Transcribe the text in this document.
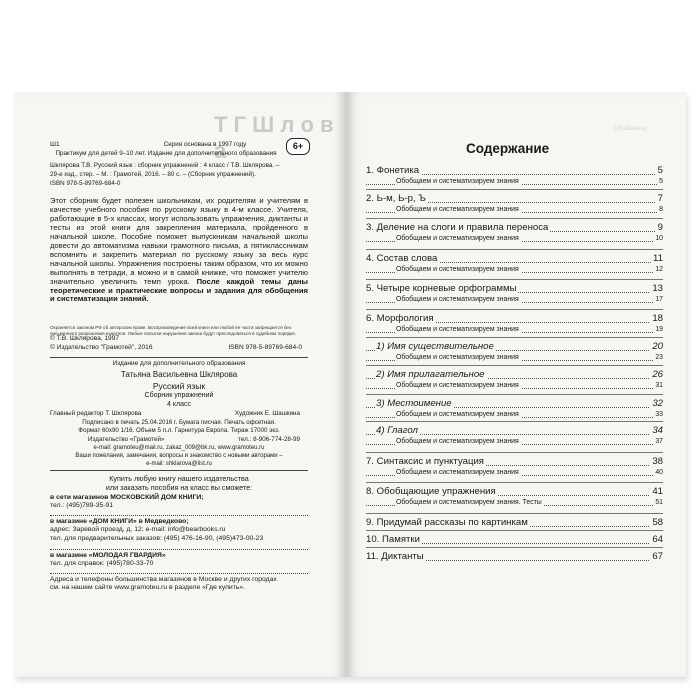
Т Г Ш л о в а
Ш1	Серия основана в 1997 году	6+
Практикум для детей 9–10 лет. Издание для дополнительного образования
Шклярова Т.В. Русский язык : сборник упражнений : 4 класс / Т.В. Шклярова. –
29-е изд., стер. – М. : Грамотей, 2016. – 80 с. – (Сборник упражнений).
ISBN 978-5-89769-684-0
Этот сборник будет полезен школьникам, их родителям и учителям в качестве учебного пособия по русскому языку в 4-м классе. Учителя, работающие в 5-х классах, могут использовать упражнения, диктанты и тесты из этой книги для закрепления материала, пройденного в начальной школе. Пособие поможет выпускникам начальной школы довести до автоматизма навыки грамотного письма, а пятиклассникам вспомнить и закрепить материал по русскому языку за весь курс начальной школы. Упражнения построены таким образом, что их можно выполнять в тетради, а можно и в самой книжке, что поможет учителю значительно увеличить темп урока. После каждой темы даны теоретические и практические вопросы и задания для обобщения и систематизации знаний.
Охраняется законом РФ об авторском праве. Воспроизведение всей книги или любой ее части запрещается без письменного разрешения издателя. Любые попытки нарушения закона будут преследоваться в судебном порядке.
© Т.В. Шклярова, 1997
© Издательство "Грамотей", 2016	ISBN 978-5-89769-684-0
Издание для дополнительного образования
Татьяна Васильевна Шклярова
Русский язык
Сборник упражнений
4 класс
Главный редактор Т. Шклярова	Художник Е. Шашкина
Подписано в печать 25.04.2016 г. Бумага писчая. Печать офсетная.
Формат 60x90 1/16. Объем 5 п.л. Гарнитура Европа. Тираж 17000 экз.
Издательство «Грамотей»	тел.: 8-906-774-28-99
e-mail: gramoteu@mail.ru, zakaz_009@bk.ru, www.gramoteu.ru
Ваши пожелания, замечания, вопросы и знакомство с новыми авторами –
e-mail: shklarova@list.ru
Купить любую книгу нашего издательства
или заказать пособия на класс вы сможете:
в сети магазинов МОСКОВСКИЙ ДОМ КНИГИ;
тел.: (495)789-35-91
в магазине «ДОМ КНИГИ» в Медведково;
адрес: Заревой проезд, д. 12; e-mail: info@bearbooks.ru
тел. для предварительных заказов: (495) 476-16-90, (495)473-00-23
в магазине «МОЛОДАЯ ГВАРДИЯ»
тел. для справок: (495)780-33-70
Адреса и телефоны большинства магазинов в Москве и других городах
см. на нашем сайте www.gramoteu.ru в разделе «Где купить».
Обобщающ
Содержание
1. Фонетика	5
Обобщаем и систематизируем знания	5
2. Ь-м, Ь-р, Ъ	7
Обобщаем и систематизируем знания	8
3. Деление на слоги и правила переноса	9
Обобщаем и систематизируем знания	10
4. Состав слова	11
Обобщаем и систематизируем знания	12
5. Четыре корневые орфограммы	13
Обобщаем и систематизируем знания	17
6. Морфология	18
Обобщаем и систематизируем знания	19
1) Имя существительное	20
Обобщаем и систематизируем знания	23
2) Имя прилагательное	26
Обобщаем и систематизируем знания	31
3) Местоимение	32
Обобщаем и систематизируем знания	33
4) Глагол	34
Обобщаем и систематизируем знания	37
7. Синтаксис и пунктуация	38
Обобщаем и систематизируем знания	40
8. Обобщающие упражнения	41
Обобщаем и систематизируем знания. Тесты	51
9. Придумай рассказы по картинкам	58
10. Памятки	64
11. Диктанты	67
